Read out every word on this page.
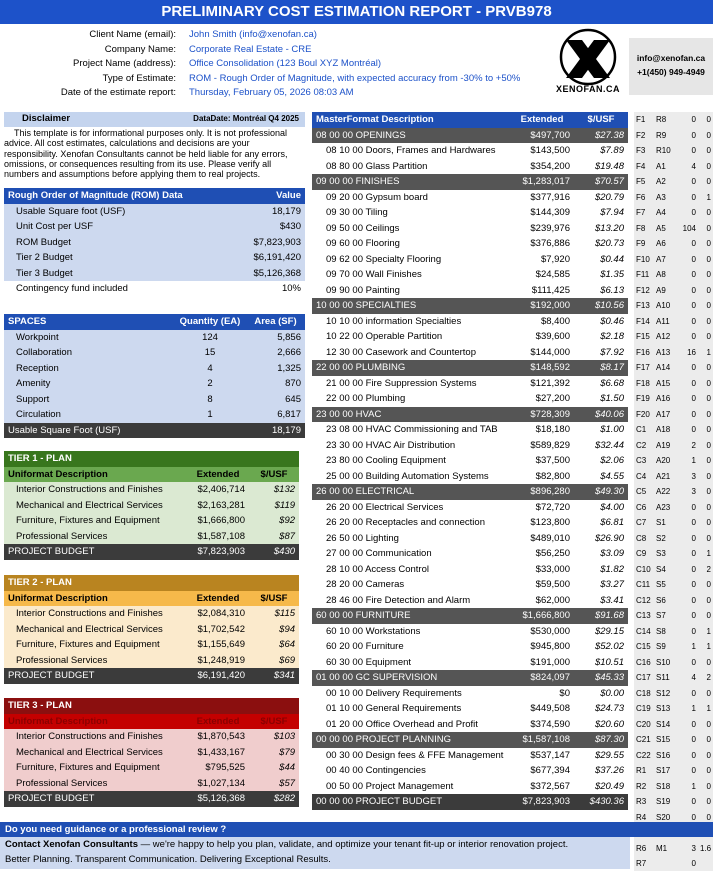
PRELIMINARY COST ESTIMATION REPORT - PRVB978
Client Name (email): John Smith (info@xenofan.ca)
Company Name: Corporate Real Estate - CRE
Project Name (address): Office Consolidation (123 Boul XYZ Montréal)
Type of Estimate: ROM - Rough Order of Magnitude, with expected accuracy from -30% to +50%
Date of the estimate report: Thursday, February 05, 2026 08:03 AM	XENOFAN.CA
info@xenofan.ca
+1(450) 949-4949
Disclaimer	DataDate: Montréal Q4 2025
This template is for informational purposes only. It is not professional advice. All cost estimates, calculations and decisions are your responsibility. Xenofan Consultants cannot be held liable for any errors, omissions, or consequences resulting from its use. Please verify all numbers and assumptions before applying them to real projects.
Rough Order of Magnitude (ROM) Data	Value
Usable Square foot (USF)	18,179
Unit Cost per USF	$430
ROM Budget	$7,823,903
Tier 2 Budget	$6,191,420
Tier 3 Budget	$5,126,368
Contingency fund included	10%
SPACES	Quantity (EA)	Area (SF)
Workpoint	124	5,856
Collaboration	15	2,666
Reception	4	1,325
Amenity	2	870
Support	8	645
Circulation	1	6,817
Usable Square Foot (USF)		18,179
TIER 1 - PLAN		
Uniformat Description	Extended	$/USF
Interior Constructions and Finishes	$2,406,714	$132
Mechanical and Electrical Services	$2,163,281	$119
Furniture, Fixtures and Equipment	$1,666,800	$92
Professional Services	$1,587,108	$87
PROJECT BUDGET	$7,823,903	$430
TIER 2 - PLAN		
Uniformat Description	Extended	$/USF
Interior Constructions and Finishes	$2,084,310	$115
Mechanical and Electrical Services	$1,702,542	$94
Furniture, Fixtures and Equipment	$1,155,649	$64
Professional Services	$1,248,919	$69
PROJECT BUDGET	$6,191,420	$341
TIER 3 - PLAN		
Uniformat Description	Extended	$/USF
Interior Constructions and Finishes	$1,870,543	$103
Mechanical and Electrical Services	$1,433,167	$79
Furniture, Fixtures and Equipment	$795,525	$44
Professional Services	$1,027,134	$57
PROJECT BUDGET	$5,126,368	$282
MasterFormat Description	Extended	$/USF
08 00 00 OPENINGS	$497,700	$27.38
08 10 00 Doors, Frames and Hardwares	$143,500	$7.89
08 80 00 Glass Partition	$354,200	$19.48
09 00 00 FINISHES	$1,283,017	$70.57
09 20 00 Gypsum board	$377,916	$20.79
09 30 00 Tiling	$144,309	$7.94
09 50 00 Ceilings	$239,976	$13.20
09 60 00 Flooring	$376,886	$20.73
09 62 00 Specialty Flooring	$7,920	$0.44
09 70 00 Wall Finishes	$24,585	$1.35
09 90 00 Painting	$111,425	$6.13
10 00 00 SPECIALTIES	$192,000	$10.56
10 10 00 information Specialties	$8,400	$0.46
10 22 00 Operable Partition	$39,600	$2.18
12 30 00 Casework and Countertop	$144,000	$7.92
22 00 00 PLUMBING	$148,592	$8.17
21 00 00 Fire Suppression Systems	$121,392	$6.68
22 00 00 Plumbing	$27,200	$1.50
23 00 00 HVAC	$728,309	$40.06
23 08 00 HVAC Commissioning and TAB	$18,180	$1.00
23 30 00 HVAC Air Distribution	$589,829	$32.44
23 80 00 Cooling Equipment	$37,500	$2.06
25 00 00 Building Automation Systems	$82,800	$4.55
26 00 00 ELECTRICAL	$896,280	$49.30
26 20 00 Electrical Services	$72,720	$4.00
26 20 00 Receptacles and connection	$123,800	$6.81
26 50 00 Lighting	$489,010	$26.90
27 00 00 Communication	$56,250	$3.09
28 10 00 Access Control	$33,000	$1.82
28 20 00 Cameras	$59,500	$3.27
28 46 00 Fire Detection and Alarm	$62,000	$3.41
60 00 00 FURNITURE	$1,666,800	$91.68
60 10 00 Workstations	$530,000	$29.15
60 20 00 Furniture	$945,800	$52.02
60 30 00 Equipment	$191,000	$10.51
01 00 00 GC SUPERVISION	$824,097	$45.33
00 10 00 Delivery Requirements	$0	$0.00
01 10 00 General Requirements	$449,508	$24.73
01 20 00 Office Overhead and Profit	$374,590	$20.60
00 00 00 PROJECT PLANNING	$1,587,108	$87.30
00 30 00 Design fees & FFE Management	$537,147	$29.55
00 40 00 Contingencies	$677,394	$37.26
00 50 00 Project Management	$372,567	$20.49
00 00 00 PROJECT BUDGET	$7,823,903	$430.36
F1	R8	0	0
F2	R9	0	0
F3	R10	0	0
F4	A1	4	0
F5	A2	0	0
F6	A3	0	1
F7	A4	0	0
F8	A5	104	0
F9	A6	0	0
F10	A7	0	0
F11	A8	0	0
F12	A9	0	0
F13	A10	0	0
F14	A11	0	0
F15	A12	0	0
F16	A13	16	1
F17	A14	0	0
F18	A15	0	0
F19	A16	0	0
F20	A17	0	0
C1	A18	0	0
C2	A19	2	0
C3	A20	1	0
C4	A21	3	0
C5	A22	3	0
C6	A23	0	0
C7	S1	0	0
C8	S2	0	0
C9	S3	0	1
C10	S4	0	2
C11	S5	0	0
C12	S6	0	0
C13	S7	0	0
C14	S8	0	1
C15	S9	1	1
C16	S10	0	0
C17	S11	4	2
C18	S12	0	0
C19	S13	1	1
C20	S14	0	0
C21	S15	0	0
C22	S16	0	0
R1	S17	0	0
R2	S18	1	0
R3	S19	0	0
R4	S20	0	0

R6	M1	3	1.6
R7		0	
Do you need guidance or a professional review ?
Contact Xenofan Consultants — we're happy to help you plan, validate, and optimize your tenant fit-up or interior renovation project.
Better Planning. Transparent Communication. Delivering Exceptional Results.
